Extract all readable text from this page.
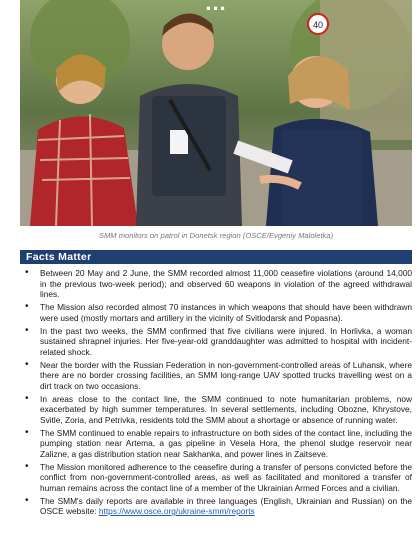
40
...
SMM monitors on patrol in Donetsk region (OSCE/Evgeniy Maloletka)
Facts Matter
• Between 20 May and 2 June, the SMM recorded almost 11,000 ceasefire violations (around 14,000 in the previous two-week period); and observed 60 weapons in violation of the agreed withdrawal lines.
• The Mission also recorded almost 70 instances in which weapons that should have been withdrawn were used (mostly mortars and artillery in the vicinity of Svitlodarsk and Popasna).
• In the past two weeks, the SMM confirmed that five civilians were injured. In Horlivka, a woman sustained shrapnel injuries. Her five-year-old granddaughter was admitted to hospital with incident-related shock.
• Near the border with the Russian Federation in non-government-controlled areas of Luhansk, where there are no border crossing facilities, an SMM long-range UAV spotted trucks travelling west on a dirt track on two occasions.
• In areas close to the contact line, the SMM continued to note humanitarian problems, now exacerbated by high summer temperatures. In several settlements, including Obozne, Khrystove, Svitle, Zoria, and Petrivka, residents told the SMM about a shortage or absence of running water.
• The SMM continued to enable repairs to infrastructure on both sides of the contact line, including the pumping station near Artema, a gas pipeline in Vesela Hora, the phenol sludge reservoir near Zalizne, a gas distribution station near Sakhanka, and power lines in Zaitseve.
• The Mission monitored adherence to the ceasefire during a transfer of persons convicted before the conflict from non-government-controlled areas, as well as facilitated and monitored a transfer of human remains across the contact line of a member of the Ukrainian Armed Forces and a civilian.
• The SMM's daily reports are available in three languages (English, Ukrainian and Russian) on the OSCE website: https://www.osce.org/ukraine-smm/reports
